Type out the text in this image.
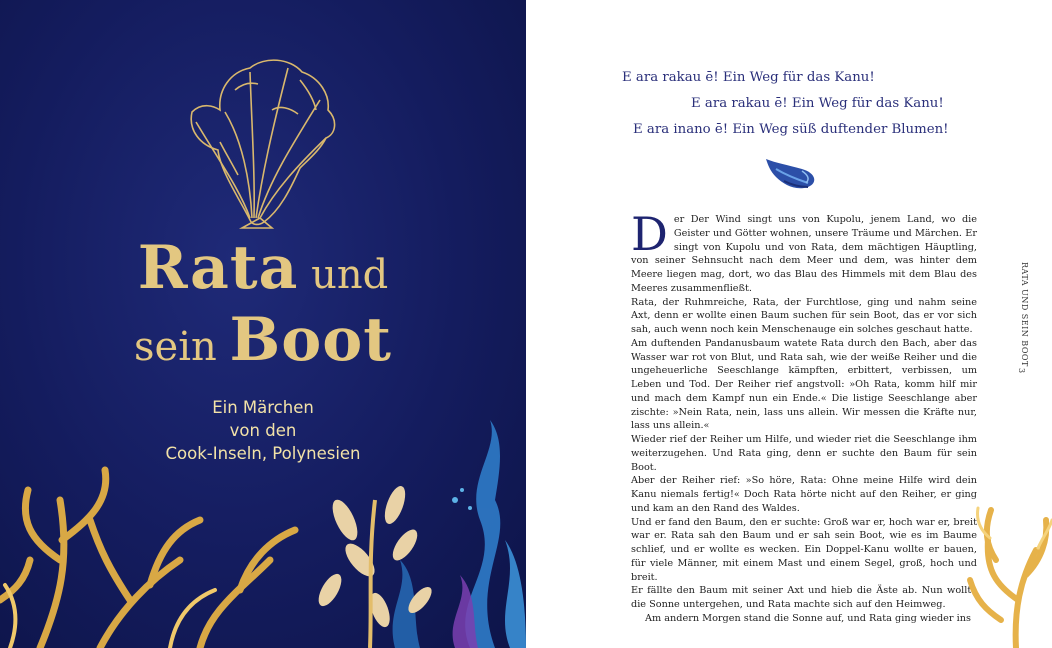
Rata und
sein Boot
Ein Märchen
von den
Cook-Inseln, Polynesien
E ara rakau ē! Ein Weg für das Kanu!
E ara rakau ē! Ein Weg für das Kanu!
E ara inano ē! Ein Weg süß duftender Blumen!

Der Der Wind singt uns von Kupolu, jenem Land, wo die Geister und Götter wohnen, unsere Träume und Märchen. Er singt von Kupolu und von Rata, dem mächtigen Häuptling, von seiner Sehnsucht nach dem Meer und dem, was hinter dem Meere liegen mag, dort, wo das Blau des Himmels mit dem Blau des Meeres zusammenfließt.

Rata, der Ruhmreiche, Rata, der Furchtlose, ging und nahm seine Axt, denn er wollte einen Baum suchen für sein Boot, das er vor sich sah, auch wenn noch kein Menschenauge ein solches geschaut hatte.

Am duftenden Pandanusbaum watete Rata durch den Bach, aber das Wasser war rot von Blut, und Rata sah, wie der weiße Reiher und die ungeheuerliche Seeschlange kämpften, erbittert, verbissen, um Leben und Tod. Der Reiher rief angstvoll: »Oh Rata, komm hilf mir und mach dem Kampf nun ein Ende.« Die listige Seeschlange aber zischte: »Nein Rata, nein, lass uns allein. Wir messen die Kräfte nur, lass uns allein.«

Wieder rief der Reiher um Hilfe, und wieder riet die Seeschlange ihm weiterzugehen. Und Rata ging, denn er suchte den Baum für sein Boot.

Aber der Reiher rief: »So höre, Rata: Ohne meine Hilfe wird dein Kanu niemals fertig!« Doch Rata hörte nicht auf den Reiher, er ging und kam an den Rand des Waldes.

Und er fand den Baum, den er suchte: Groß war er, hoch war er, breit war er. Rata sah den Baum und er sah sein Boot, wie es im Baume schlief, und er wollte es wecken. Ein Doppel-Kanu wollte er bauen, für viele Männer, mit einem Mast und einem Segel, groß, hoch und breit.

Er fällte den Baum mit seiner Axt und hieb die Äste ab. Nun wollte die Sonne untergehen, und Rata machte sich auf den Heimweg.

Am andern Morgen stand die Sonne auf, und Rata ging wieder ins

RATA UND SEIN BOOT
3
